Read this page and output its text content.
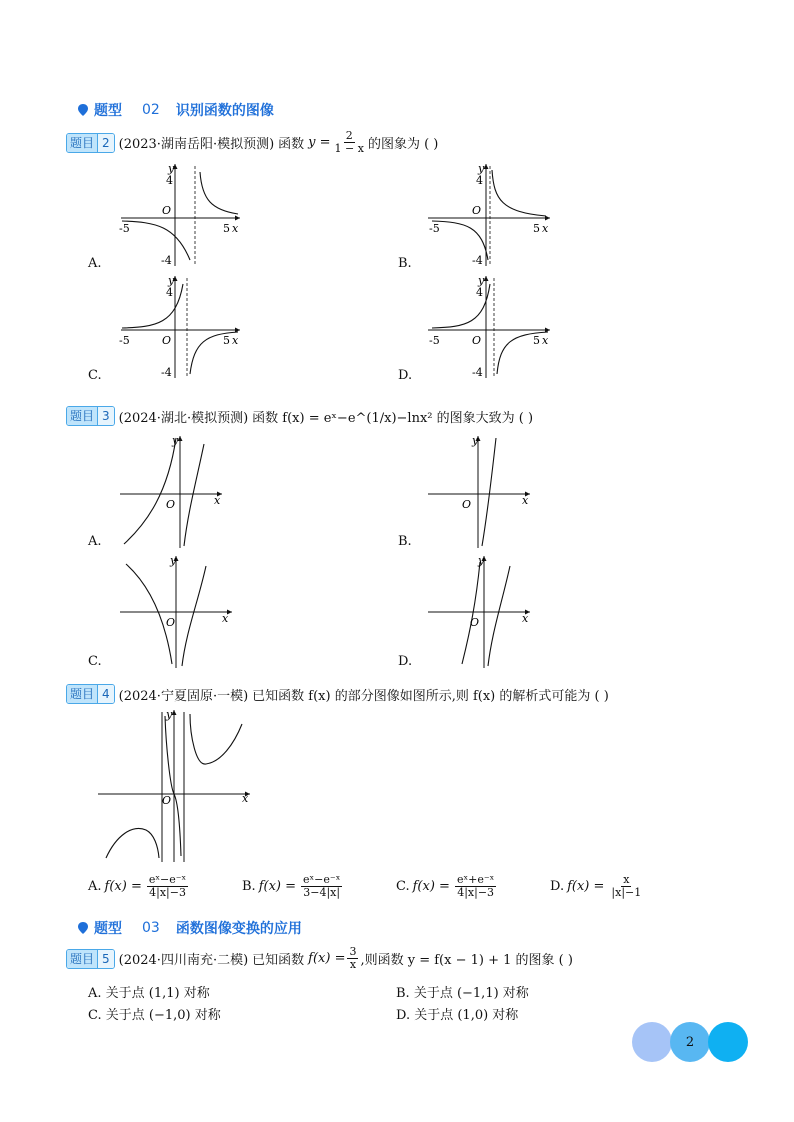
题型 02 识别函数的图像
题目 2 (2023·湖南岳阳·模拟预测) 函数 $y = \frac{2}{1 - x}$ 的图象为 ( )
y
4
O
-5	5 x
-4
A.
y
4
O
-5	5 x
-4
B.
y
4
O
-5	5 x
-4
C.
y
4
O
-5	5 x
-4
D.
题目 3 (2024·湖北·模拟预测) 函数 f(x) = eˣ−e^(1/x)−lnx² 的图象大致为 ( )
y
O	x
A.
y
O	x
B.
y
O	x
C.
y
O	x
D.
题目 4 (2024·宁夏固原·一模) 已知函数 f(x) 的部分图像如图所示,则 f(x) 的解析式可能为 ( )
y
O	x
A. $f(x) = \frac{\text{eˣ−e⁻ˣ}}{4|x|-3}$	B. $f(x) = \frac{\text{eˣ−e⁻ˣ}}{3-4|x|}$	C. $f(x) = \frac{\text{eˣ+e⁻ˣ}}{4|x|-3}$	D. $f(x) = \frac{x}{|x|-1}$
题型 03 函数图像变换的应用
题目 5 (2024·四川南充·二模) 已知函数 $f(x) = \frac{3}{x}$ ,则函数 y = f(x − 1) + 1 的图象 ( )
A. 关于点 (1,1) 对称	B. 关于点 (−1,1) 对称
C. 关于点 (−1,0) 对称	D. 关于点 (1,0) 对称
2
